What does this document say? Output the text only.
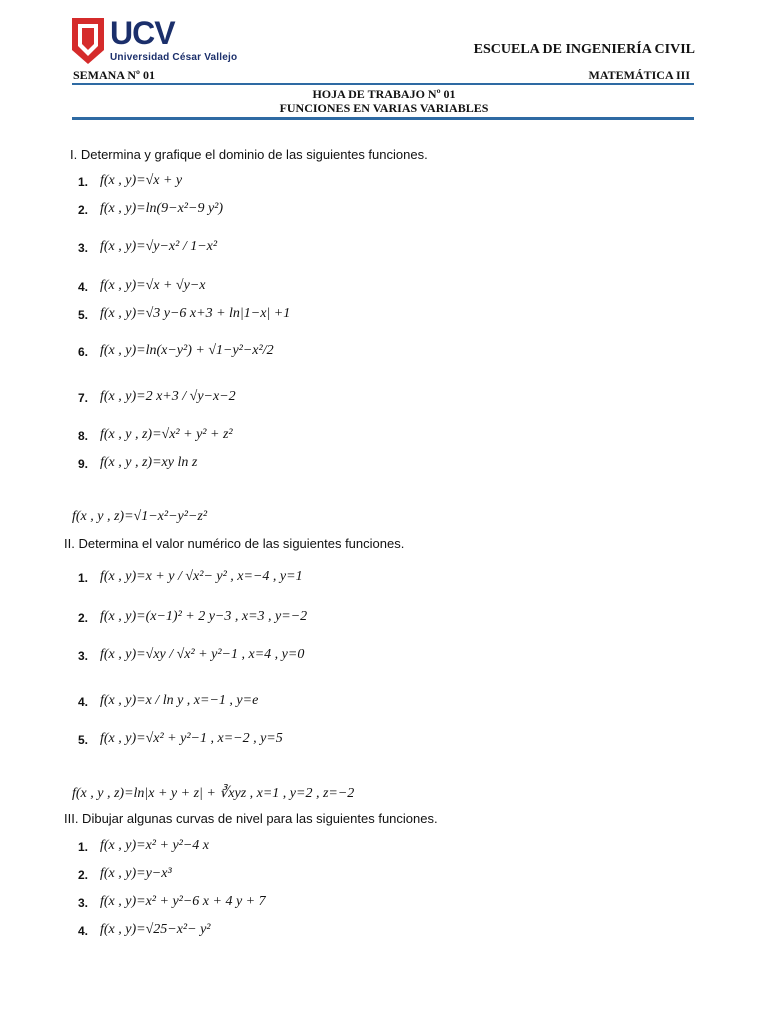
UCV
Universidad César Vallejo
ESCUELA DE INGENIERÍA CIVIL
SEMANA Nº 01	MATEMÁTICA III
HOJA DE TRABAJO Nº 01
FUNCIONES EN VARIAS VARIABLES
I. Determina y grafique el dominio de las siguientes funciones.
1. f(x , y)=√x + y
2. f(x , y)=ln(9−x²−9 y²)
3. f(x , y)=√y−x² / 1−x²
4. f(x , y)=√x + √y−x
5. f(x , y)=√3 y−6 x+3 + ln|1−x| +1
6. f(x , y)=ln(x−y²) + √1−y²−x²/2
7. f(x , y)=2 x+3 / √y−x−2
8. f(x , y , z)=√x² + y² + z²
9. f(x , y , z)=xy ln z
f(x , y , z)=√1−x²−y²−z²
II. Determina el valor numérico de las siguientes funciones.
1. f(x , y)=x + y / √x²− y² , x=−4 , y=1
2. f(x , y)=(x−1)² + 2 y−3 , x=3 , y=−2
3. f(x , y)=√xy / √x² + y²−1 , x=4 , y=0
4. f(x , y)=x / ln y , x=−1 , y=e
5. f(x , y)=√x² + y²−1 , x=−2 , y=5
f(x , y , z)=ln|x + y + z| + ∛xyz , x=1 , y=2 , z=−2
III. Dibujar algunas curvas de nivel para las siguientes funciones.
1. f(x , y)=x² + y²−4 x
2. f(x , y)=y−x³
3. f(x , y)=x² + y²−6 x + 4 y + 7
4. f(x , y)=√25−x²− y²
